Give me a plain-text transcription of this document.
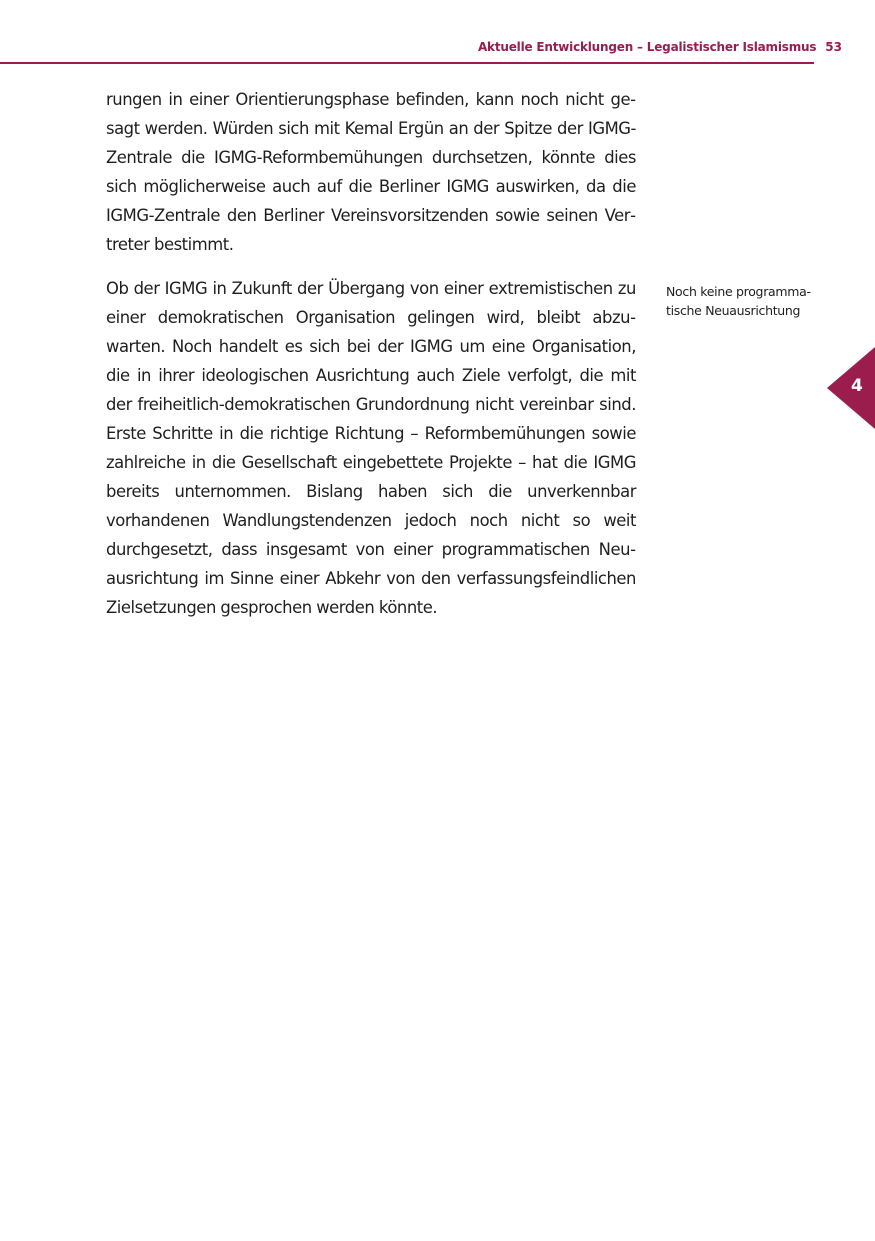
Aktuelle Entwicklungen – Legalistischer Islamismus 53

rungen in einer Orientierungsphase befinden, kann noch nicht gesagt werden. Würden sich mit Kemal Ergün an der Spitze der IGMG-Zentrale die IGMG-Reformbemühungen durchsetzen, könnte dies sich möglicherweise auch auf die Berliner IGMG auswirken, da die IGMG-Zentrale den Berliner Vereinsvorsitzenden sowie seinen Vertreter bestimmt.

Ob der IGMG in Zukunft der Übergang von einer extremistischen zu einer demokratischen Organisation gelingen wird, bleibt abzuwarten. Noch handelt es sich bei der IGMG um eine Organisation, die in ihrer ideologischen Ausrichtung auch Ziele verfolgt, die mit der freiheitlich-demokratischen Grundordnung nicht vereinbar sind. Erste Schritte in die richtige Richtung – Reformbemühungen sowie zahlreiche in die Gesellschaft eingebettete Projekte – hat die IGMG bereits unternommen. Bislang haben sich die unverkennbar vorhandenen Wandlungstendenzen jedoch noch nicht so weit durchgesetzt, dass insgesamt von einer programmatischen Neuausrichtung im Sinne einer Abkehr von den verfassungsfeindlichen Zielsetzungen gesprochen werden könnte.

Noch keine programmatische Neuausrichtung

4
